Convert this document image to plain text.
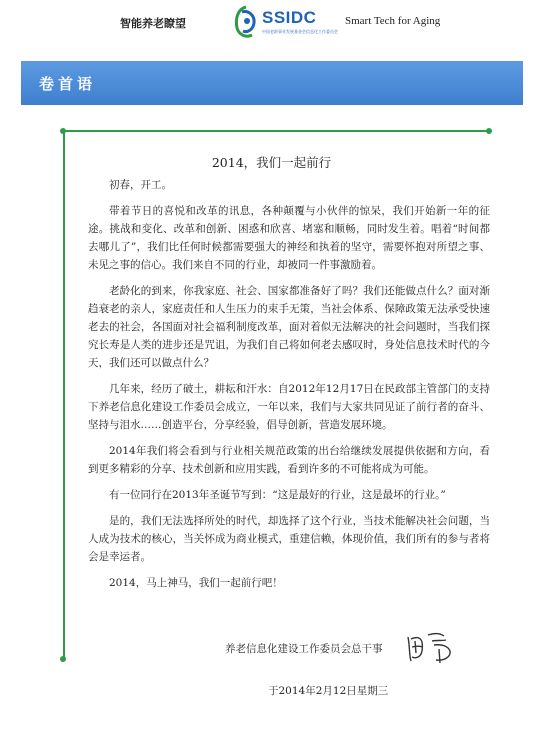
智能养老瞭望	SSIDC
中国老龄事业发展基金会信息化工作委员会
Smart Tech for Aging
卷首语
2014，我们一起前行

初春，开工。

带着节日的喜悦和改革的讯息，各种颠覆与小伙伴的惊呆，我们开始新一年的征途。挑战和变化、改革和创新、困惑和欣喜、堵塞和顺畅，同时发生着。唱着“时间都去哪儿了”，我们比任何时候都需要强大的神经和执着的坚守，需要怀抱对所望之事、未见之事的信心。我们来自不同的行业，却被同一件事激励着。

老龄化的到来，你我家庭、社会、国家都准备好了吗？我们还能做点什么？面对渐趋衰老的亲人，家庭责任和人生压力的束手无策，当社会体系、保障政策无法承受快速老去的社会，各国面对社会福利制度改革，面对着似无法解决的社会问题时，当我们探究长寿是人类的进步还是咒诅，为我们自己将如何老去感叹时，身处信息技术时代的今天，我们还可以做点什么？

几年来，经历了破土，耕耘和汗水：自2012年12月17日在民政部主管部门的支持下养老信息化建设工作委员会成立，一年以来，我们与大家共同见证了前行者的奋斗、坚持与泪水……创造平台，分享经验，倡导创新，营造发展环境。

2014年我们将会看到与行业相关规范政策的出台给继续发展提供依据和方向，看到更多精彩的分享、技术创新和应用实践，看到许多的不可能将成为可能。

有一位同行在2013年圣诞节写到：“这是最好的行业，这是最坏的行业。”

是的，我们无法选择所处的时代，却选择了这个行业，当技术能解决社会问题，当人成为技术的核心，当关怀成为商业模式，重建信赖，体现价值，我们所有的参与者将会是幸运者。

2014，马上神马，我们一起前行吧！

养老信息化建设工作委员会总干事
于2014年2月12日星期三
